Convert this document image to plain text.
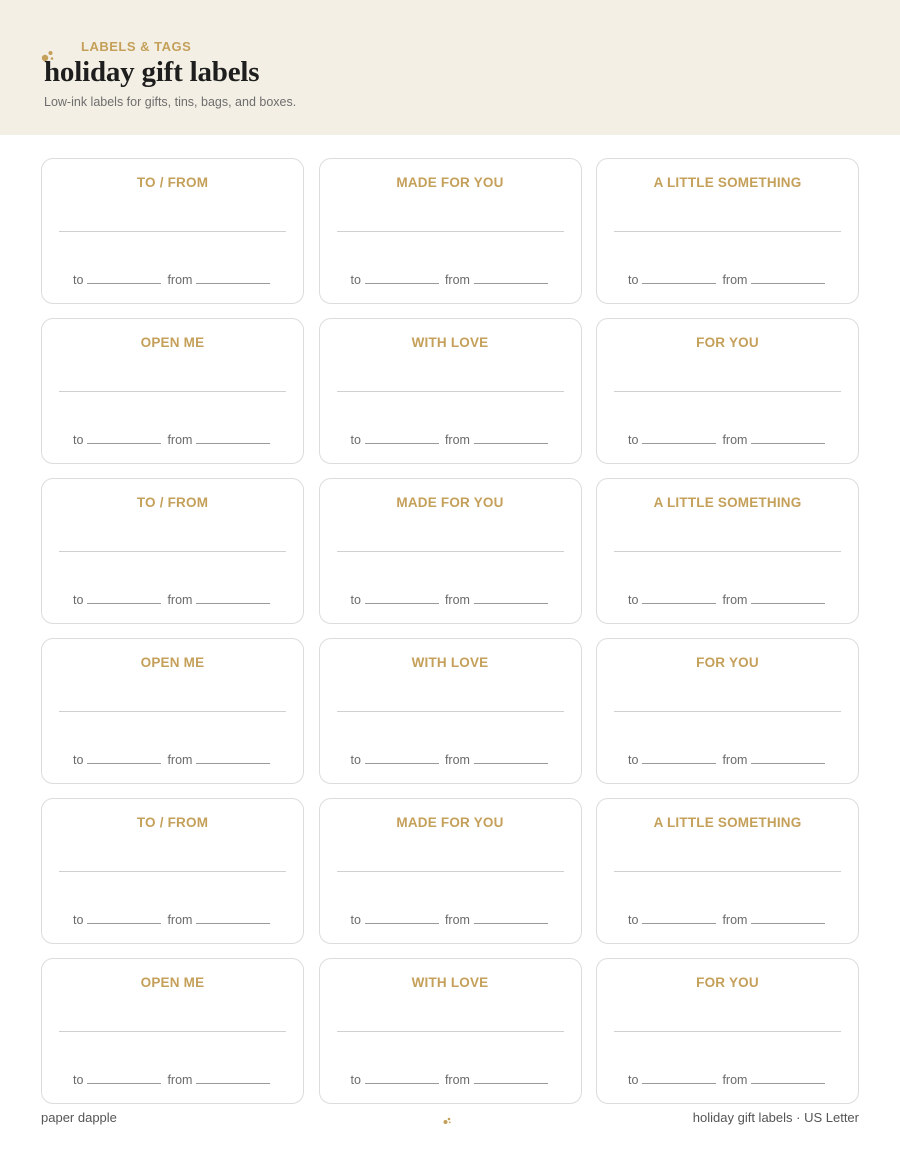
LABELS & TAGS
holiday gift labels
Low-ink labels for gifts, tins, bags, and boxes.
TO / FROM
to	from
MADE FOR YOU
to	from
A LITTLE SOMETHING
to	from
OPEN ME
to	from
WITH LOVE
to	from
FOR YOU
to	from
TO / FROM
to	from
MADE FOR YOU
to	from
A LITTLE SOMETHING
to	from
OPEN ME
to	from
WITH LOVE
to	from
FOR YOU
to	from
TO / FROM
to	from
MADE FOR YOU
to	from
A LITTLE SOMETHING
to	from
OPEN ME
to	from
WITH LOVE
to	from
FOR YOU
to	from
paper dapple	holiday gift labels · US Letter
